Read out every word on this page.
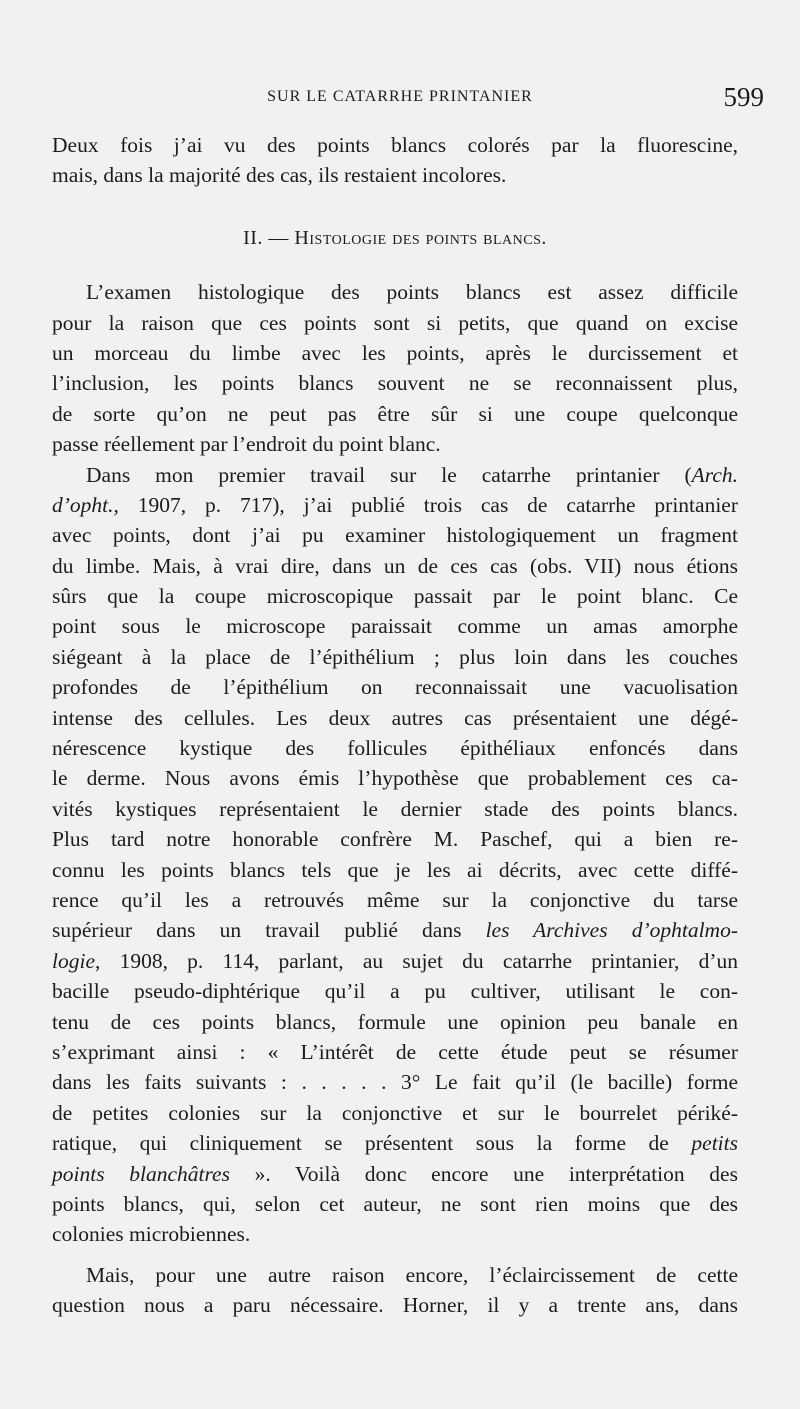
SUR LE CATARRHE PRINTANIER	599
Deux fois j’ai vu des points blancs colorés par la fluorescine,
mais, dans la majorité des cas, ils restaient incolores.
II. — Histologie des points blancs.
L’examen histologique des points blancs est assez difficile
pour la raison que ces points sont si petits, que quand on excise
un morceau du limbe avec les points, après le durcissement et
l’inclusion, les points blancs souvent ne se reconnaissent plus,
de sorte qu’on ne peut pas être sûr si une coupe quelconque
passe réellement par l’endroit du point blanc.
Dans mon premier travail sur le catarrhe printanier (Arch.
d’opht., 1907, p. 717), j’ai publié trois cas de catarrhe printanier
avec points, dont j’ai pu examiner histologiquement un fragment
du limbe. Mais, à vrai dire, dans un de ces cas (obs. VII) nous étions
sûrs que la coupe microscopique passait par le point blanc. Ce
point sous le microscope paraissait comme un amas amorphe
siégeant à la place de l’épithélium ; plus loin dans les couches
profondes de l’épithélium on reconnaissait une vacuolisation
intense des cellules. Les deux autres cas présentaient une dégé-
nérescence kystique des follicules épithéliaux enfoncés dans
le derme. Nous avons émis l’hypothèse que probablement ces ca-
vités kystiques représentaient le dernier stade des points blancs.
Plus tard notre honorable confrère M. Paschef, qui a bien re-
connu les points blancs tels que je les ai décrits, avec cette diffé-
rence qu’il les a retrouvés même sur la conjonctive du tarse
supérieur dans un travail publié dans les Archives d’ophtalmo-
logie, 1908, p. 114, parlant, au sujet du catarrhe printanier, d’un
bacille pseudo-diphtérique qu’il a pu cultiver, utilisant le con-
tenu de ces points blancs, formule une opinion peu banale en
s’exprimant ainsi : « L’intérêt de cette étude peut se résumer
dans les faits suivants : . . . . . 3° Le fait qu’il (le bacille) forme
de petites colonies sur la conjonctive et sur le bourrelet périké-
ratique, qui cliniquement se présentent sous la forme de petits
points blanchâtres ». Voilà donc encore une interprétation des
points blancs, qui, selon cet auteur, ne sont rien moins que des
colonies microbiennes.
Mais, pour une autre raison encore, l’éclaircissement de cette
question nous a paru nécessaire. Horner, il y a trente ans, dans
